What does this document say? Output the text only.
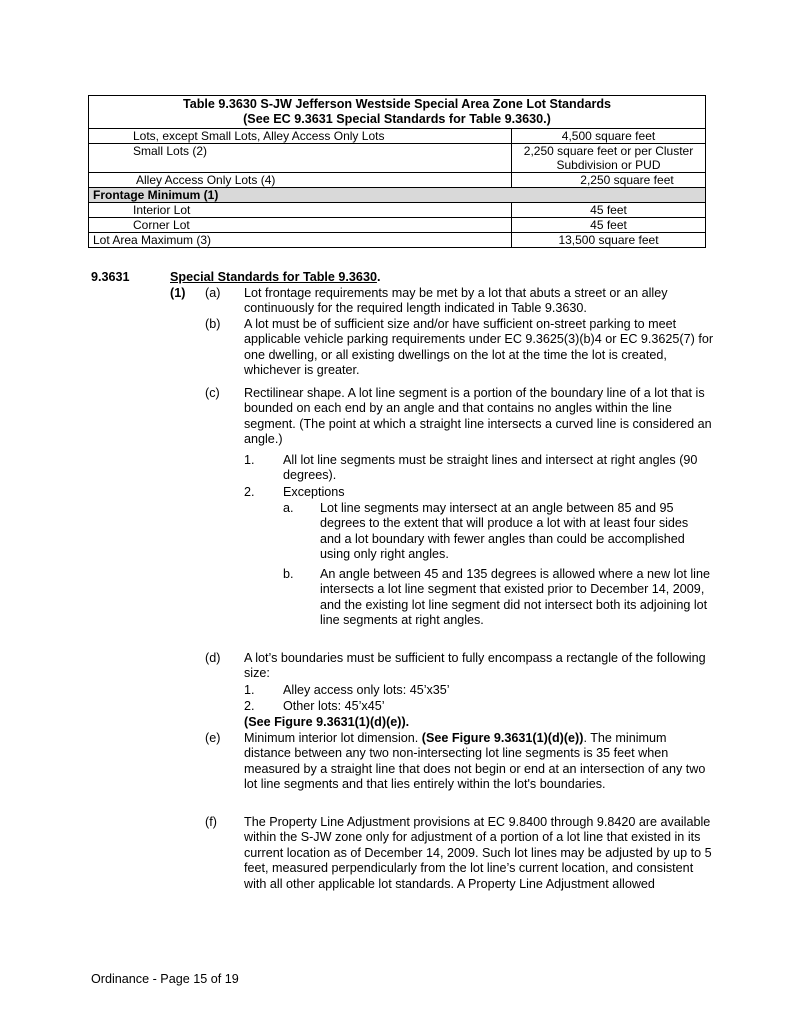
Table 9.3630 S-JW Jefferson Westside Special Area Zone Lot Standards
(See EC 9.3631 Special Standards for Table 9.3630.)	

Lots, except Small Lots, Alley Access Only Lots	4,500 square feet
Small Lots (2)	2,250 square feet or per Cluster
Subdivision or PUD

Alley Access Only Lots (4)	2,250 square feet
Frontage Minimum (1)	
Interior Lot	45 feet
Corner Lot	45 feet
Lot Area Maximum (3)	13,500 square feet
9.3631	Special Standards for Table 9.3630.
(1) (a) Lot frontage requirements may be met by a lot that abuts a street or an alley continuously for the required length indicated in Table 9.3630.
(b) A lot must be of sufficient size and/or have sufficient on-street parking to meet applicable vehicle parking requirements under EC 9.3625(3)(b)4 or EC 9.3625(7) for one dwelling, or all existing dwellings on the lot at the time the lot is created, whichever is greater.
(c) Rectilinear shape. A lot line segment is a portion of the boundary line of a lot that is bounded on each end by an angle and that contains no angles within the line segment. (The point at which a straight line intersects a curved line is considered an angle.)
1. All lot line segments must be straight lines and intersect at right angles (90 degrees).
2. Exceptions
a. Lot line segments may intersect at an angle between 85 and 95 degrees to the extent that will produce a lot with at least four sides and a lot boundary with fewer angles than could be accomplished using only right angles.
b. An angle between 45 and 135 degrees is allowed where a new lot line intersects a lot line segment that existed prior to December 14, 2009, and the existing lot line segment did not intersect both its adjoining lot line segments at right angles.
(d) A lot’s boundaries must be sufficient to fully encompass a rectangle of the following size:
1. Alley access only lots: 45’x35’
2. Other lots: 45’x45’
(See Figure 9.3631(1)(d)(e)).
(e) Minimum interior lot dimension. (See Figure 9.3631(1)(d)(e)). The minimum distance between any two non-intersecting lot line segments is 35 feet when measured by a straight line that does not begin or end at an intersection of any two lot line segments and that lies entirely within the lot's boundaries.
(f) The Property Line Adjustment provisions at EC 9.8400 through 9.8420 are available within the S-JW zone only for adjustment of a portion of a lot line that existed in its current location as of December 14, 2009. Such lot lines may be adjusted by up to 5 feet, measured perpendicularly from the lot line’s current location, and consistent with all other applicable lot standards. A Property Line Adjustment allowed
Ordinance - Page 15 of 19
